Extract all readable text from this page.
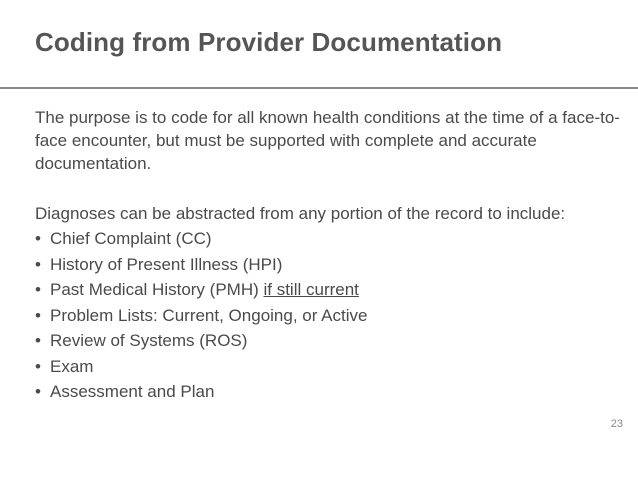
Coding from Provider Documentation

The purpose is to code for all known health conditions at the time of a face-to-face encounter, but must be supported with complete and accurate documentation.

Diagnoses can be abstracted from any portion of the record to include:

• Chief Complaint (CC)
• History of Present Illness (HPI)
• Past Medical History (PMH) if still current
• Problem Lists: Current, Ongoing, or Active
• Review of Systems (ROS)
• Exam
• Assessment and Plan
23
